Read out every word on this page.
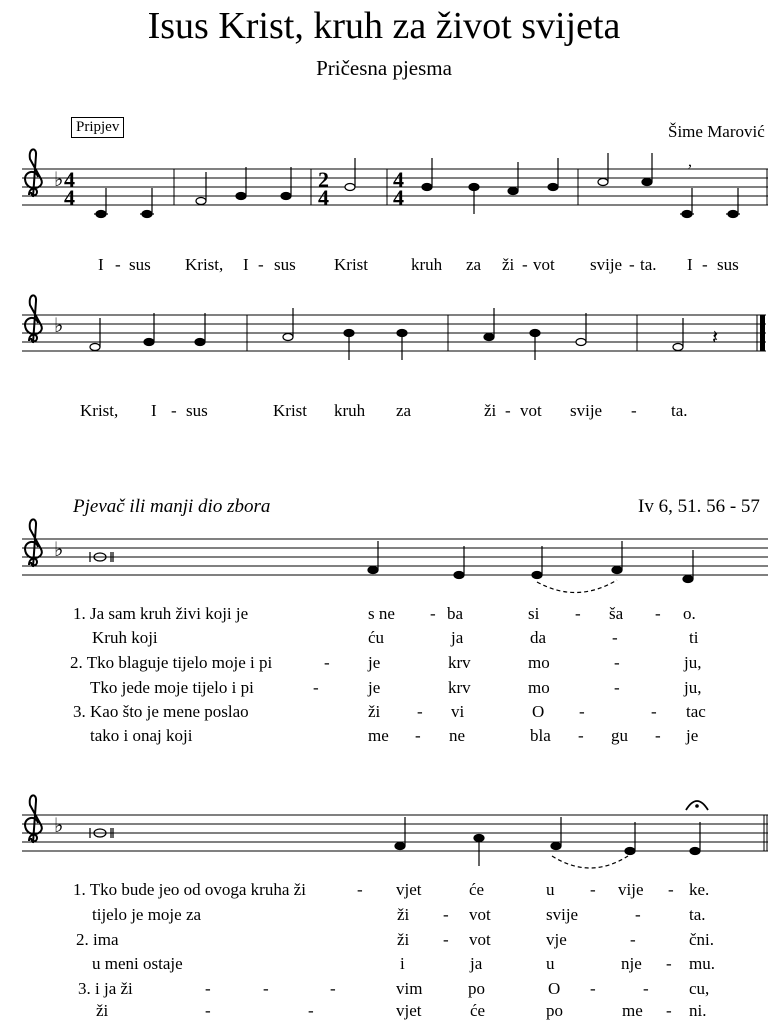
Isus Krist, kruh za život svijeta
Pričesna pjesma
Pripjev	Šime Marović
Pjevač ili manji dio zbora	Iv 6, 51. 56 - 57
♭ 4
4
2
4
4
4
,
♭
𝄽
♭
♭
I - sus Krist, I - sus Krist	kruh za ži - vot svije - ta. I - sus
Krist, I - sus	Krist kruh za	ži - vot svije - ta.
1. Ja sam kruh živi koji je	s ne - ba	si - ša - o.
Kruh koji	ću	ja	da	-	ti
2. Tko blaguje tijelo moje i pi	- je	krv	mo	-	ju,
Tko jede moje tijelo i pi	-	je	krv	mo	-	ju,
3. Kao što je mene poslao	ži - vi	O -	- tac
tako i onaj koji	me - ne	bla - gu - je
1. Tko bude jeo od ovoga kruha ži	- vjet	će	u - vije - ke.
tijelo je moje za	ži - vot	svije	-	ta.
2. ima	ži - vot	vje	-	čni.
u meni ostaje	i	ja	u	nje - mu.
3. i ja ži	-	-	-	vim	po	O -	- cu,
ži	-	-	vjet	će	po	me - ni.
